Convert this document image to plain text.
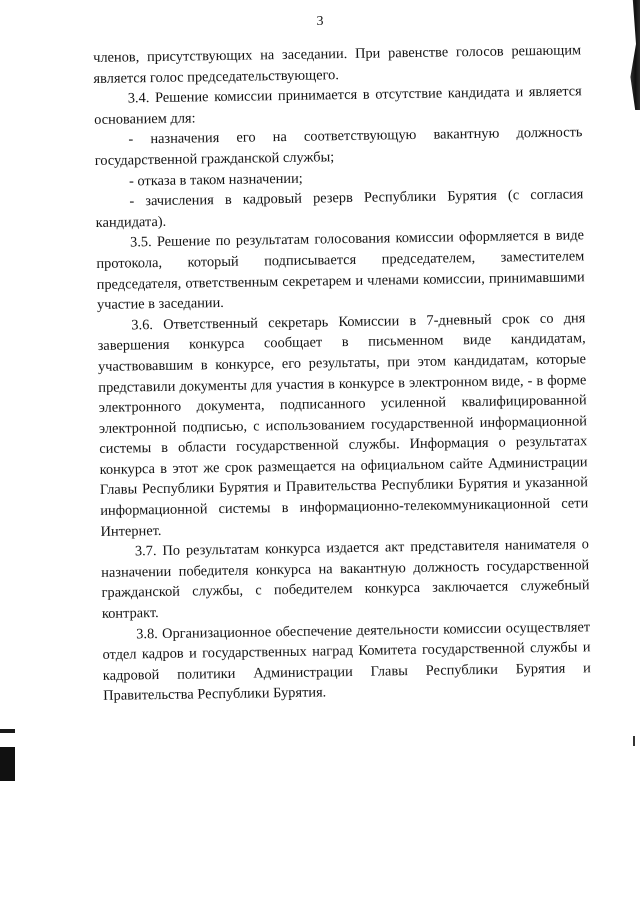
3

членов, присутствующих на заседании. При равенстве голосов решающим является голос председательствующего.

3.4. Решение комиссии принимается в отсутствие кандидата и является основанием для:

- назначения его на соответствующую вакантную должность государственной гражданской службы;

- отказа в таком назначении;

- зачисления в кадровый резерв Республики Бурятия (с согласия кандидата).

3.5. Решение по результатам голосования комиссии оформляется в виде протокола, который подписывается председателем, заместителем председателя, ответственным секретарем и членами комиссии, принимавшими участие в заседании.

3.6. Ответственный секретарь Комиссии в 7-дневный срок со дня завершения конкурса сообщает в письменном виде кандидатам, участвовавшим в конкурсе, его результаты, при этом кандидатам, которые представили документы для участия в конкурсе в электронном виде, - в форме электронного документа, подписанного усиленной квалифицированной электронной подписью, с использованием государственной информационной системы в области государственной службы. Информация о результатах конкурса в этот же срок размещается на официальном сайте Администрации Главы Республики Бурятия и Правительства Республики Бурятия и указанной информационной системы в информационно-телекоммуникационной сети Интернет.

3.7. По результатам конкурса издается акт представителя нанимателя о назначении победителя конкурса на вакантную должность государственной гражданской службы, с победителем конкурса заключается служебный контракт.

3.8. Организационное обеспечение деятельности комиссии осуществляет отдел кадров и государственных наград Комитета государственной службы и кадровой политики Администрации Главы Республики Бурятия и Правительства Республики Бурятия.
